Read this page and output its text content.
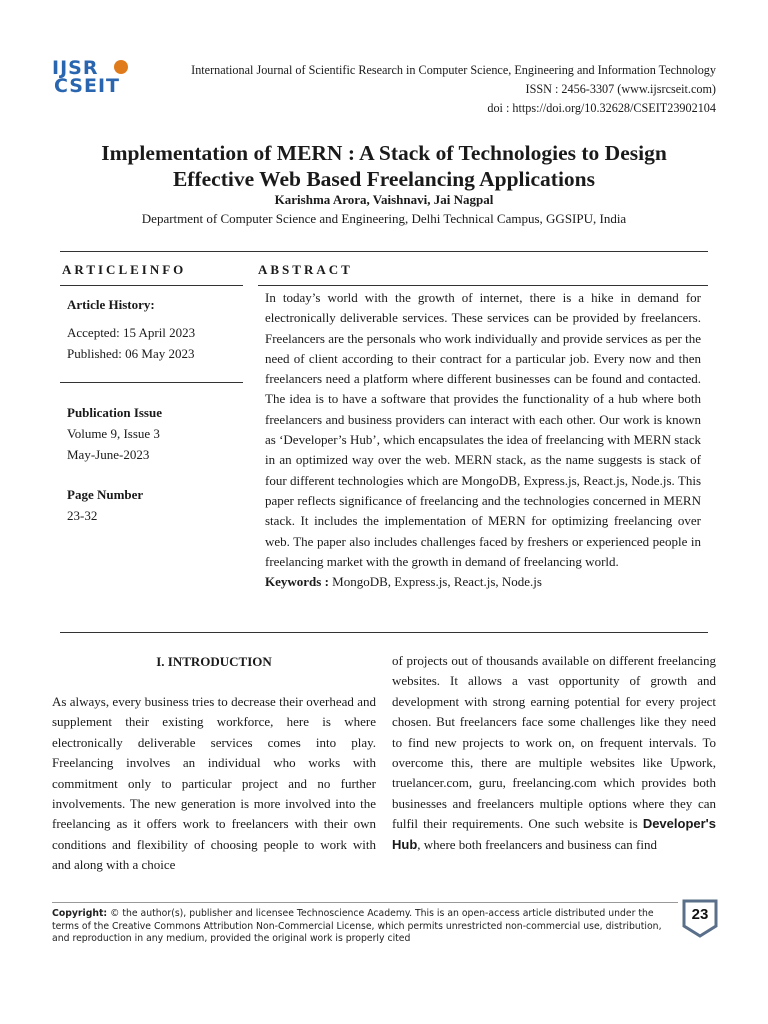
IJSR
CSEIT
International Journal of Scientific Research in Computer Science, Engineering and Information Technology
ISSN : 2456-3307 (www.ijsrcseit.com)
doi : https://doi.org/10.32628/CSEIT23902104
Implementation of MERN : A Stack of Technologies to Design
Effective Web Based Freelancing Applications
Karishma Arora, Vaishnavi, Jai Nagpal
Department of Computer Science and Engineering, Delhi Technical Campus, GGSIPU, India
ARTICLEINFO	ABSTRACT
Article History:
Accepted: 15 April 2023
Published: 06 May 2023
Publication Issue
Volume 9, Issue 3
May-June-2023
Page Number
23-32
In today’s world with the growth of internet, there is a hike in demand for electronically deliverable services. These services can be provided by freelancers. Freelancers are the personals who work individually and provide services as per the need of client according to their contract for a particular job. Every now and then freelancers need a platform where different businesses can be found and contacted. The idea is to have a software that provides the functionality of a hub where both freelancers and business providers can interact with each other. Our work is known as ‘Developer’s Hub’, which encapsulates the idea of freelancing with MERN stack in an optimized way over the web. MERN stack, as the name suggests is stack of four different technologies which are MongoDB, Express.js, React.js, Node.js. This paper reflects significance of freelancing and the technologies concerned in MERN stack. It includes the implementation of MERN for optimizing freelancing over web. The paper also includes challenges faced by freshers or experienced people in freelancing market with the growth in demand of freelancing world.
Keywords : MongoDB, Express.js, React.js, Node.js
I. INTRODUCTION
As always, every business tries to decrease their overhead and supplement their existing workforce, here is where electronically deliverable services comes into play. Freelancing involves an individual who works with commitment only to particular project and no further involvements. The new generation is more involved into the freelancing as it offers work to freelancers with their own conditions and flexibility of choosing people to work with and along with a choice
of projects out of thousands available on different freelancing websites. It allows a vast opportunity of growth and development with strong earning potential for every project chosen. But freelancers face some challenges like they need to find new projects to work on, on frequent intervals. To overcome this, there are multiple websites like Upwork, truelancer.com, guru, freelancing.com which provides both businesses and freelancers multiple options where they can fulfil their requirements. One such website is Developer's Hub, where both freelancers and business can find
Copyright: © the author(s), publisher and licensee Technoscience Academy. This is an open-access article distributed under the terms of the Creative Commons Attribution Non-Commercial License, which permits unrestricted non-commercial use, distribution, and reproduction in any medium, provided the original work is properly cited
23
